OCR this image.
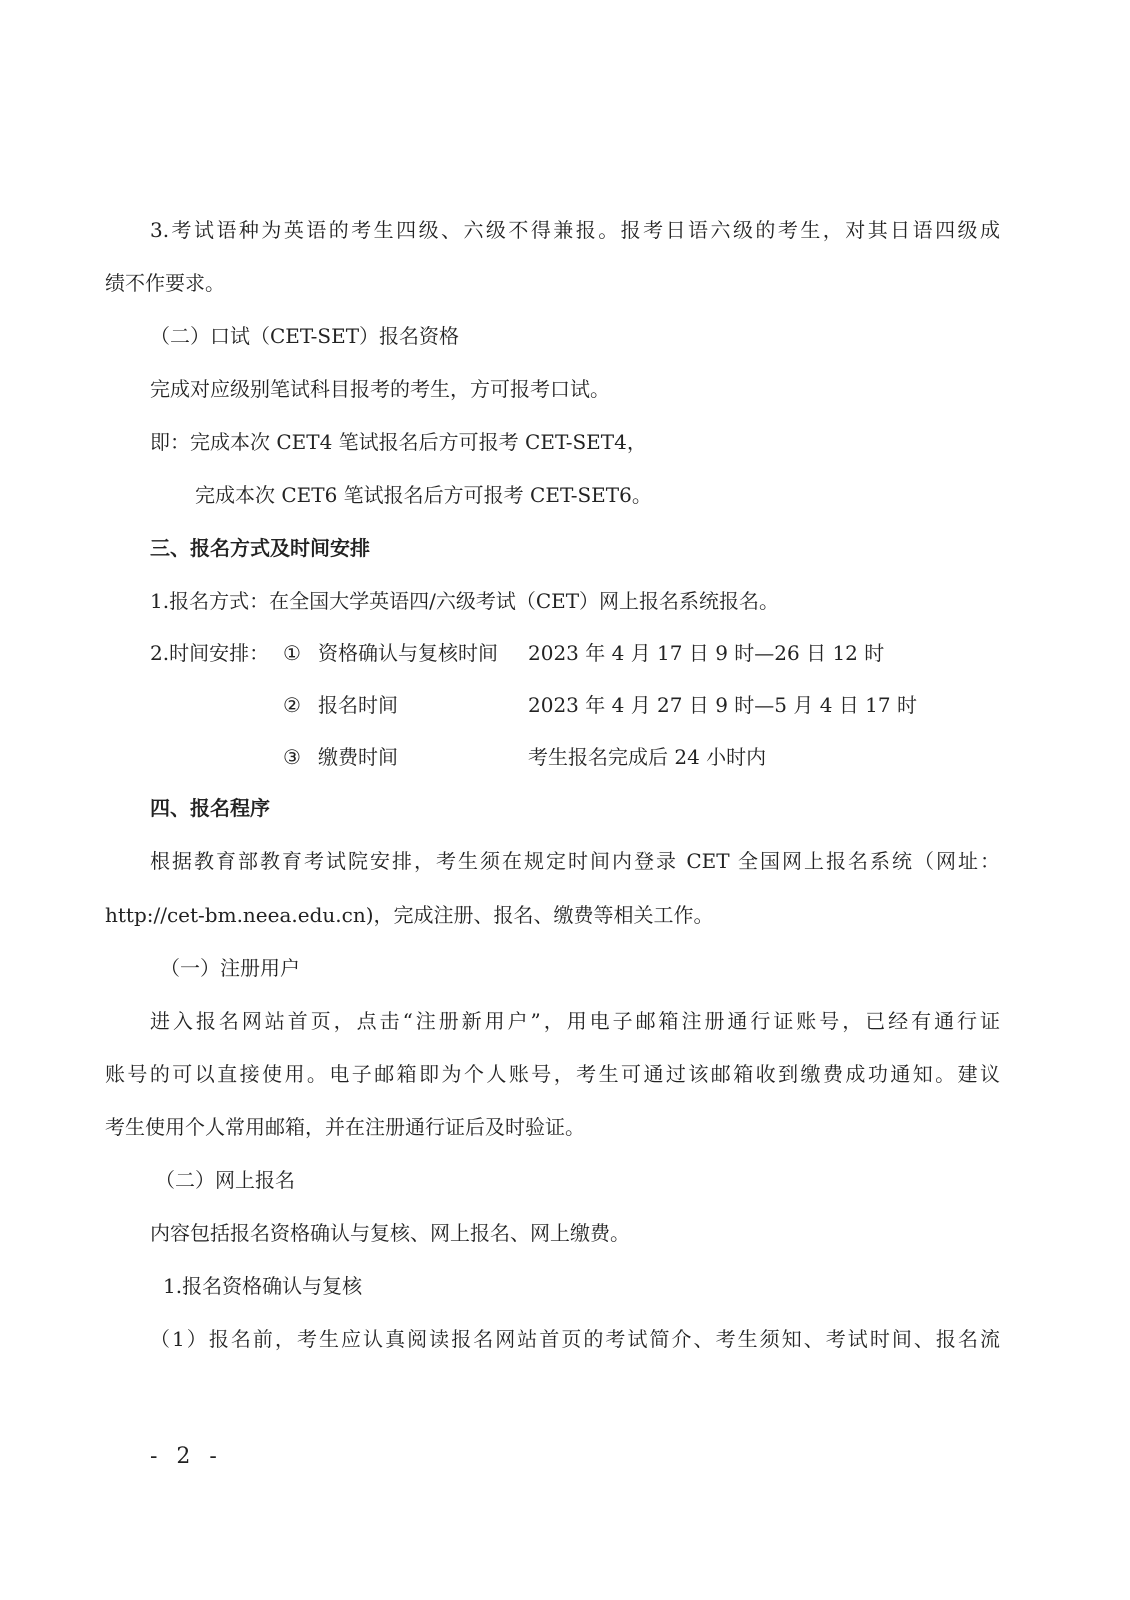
3.考试语种为英语的考生四级、六级不得兼报。报考日语六级的考生，对其日语四级成
绩不作要求。
（二）口试（CET-SET）报名资格
完成对应级别笔试科目报考的考生，方可报考口试。
即：完成本次 CET4 笔试报名后方可报考 CET-SET4，
完成本次 CET6 笔试报名后方可报考 CET-SET6。
三、报名方式及时间安排
1.报名方式：在全国大学英语四/六级考试（CET）网上报名系统报名。
2.时间安排： ① 资格确认与复核时间 2023 年 4 月 17 日 9 时—26 日 12 时
② 报名时间	2023 年 4 月 27 日 9 时—5 月 4 日 17 时
③ 缴费时间	考生报名完成后 24 小时内
四、报名程序
根据教育部教育考试院安排，考生须在规定时间内登录 CET 全国网上报名系统（网址：
http://cet-bm.neea.edu.cn)，完成注册、报名、缴费等相关工作。
（一）注册用户
进入报名网站首页，点击“注册新用户”，用电子邮箱注册通行证账号，已经有通行证
账号的可以直接使用。电子邮箱即为个人账号，考生可通过该邮箱收到缴费成功通知。建议
考生使用个人常用邮箱，并在注册通行证后及时验证。
（二）网上报名
内容包括报名资格确认与复核、网上报名、网上缴费。
1.报名资格确认与复核
（1）报名前，考生应认真阅读报名网站首页的考试简介、考生须知、考试时间、报名流
- 2 -
